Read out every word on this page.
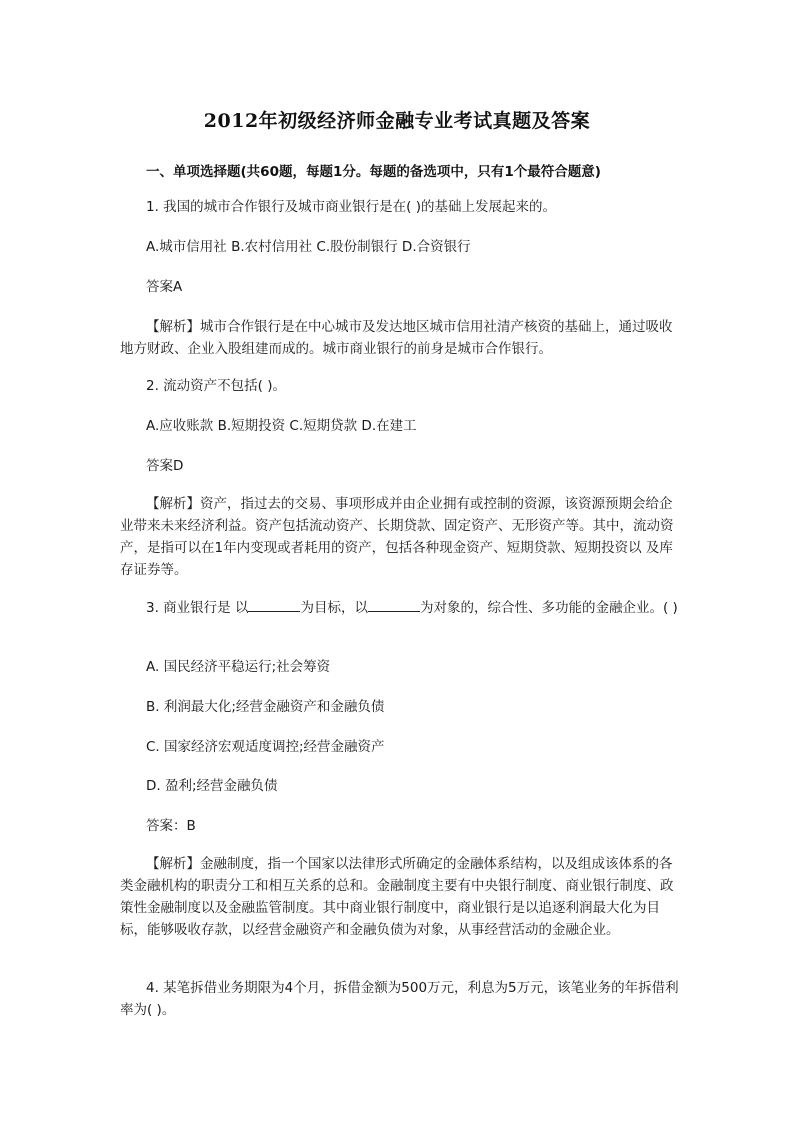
2012年初级经济师金融专业考试真题及答案
一、单项选择题(共60题，每题1分。每题的备选项中，只有1个最符合题意)
1. 我国的城市合作银行及城市商业银行是在( )的基础上发展起来的。
A.城市信用社 B.农村信用社 C.股份制银行 D.合资银行
答案A
【解析】城市合作银行是在中心城市及发达地区城市信用社清产核资的基础上，通过吸收地方财政、企业入股组建而成的。城市商业银行的前身是城市合作银行。
2. 流动资产不包括( )。
A.应收账款 B.短期投资 C.短期贷款 D.在建工
答案D
【解析】资产，指过去的交易、事项形成并由企业拥有或控制的资源，该资源预期会给企业带来未来经济利益。资产包括流动资产、长期贷款、固定资产、无形资产等。其中，流动资产，是指可以在1年内变现或者耗用的资产，包括各种现金资产、短期贷款、短期投资以 及库存证券等。
3. 商业银行是 以	为目标，以	为对象的，综合性、多功能的金融企业。( )
A. 国民经济平稳运行;社会筹资
B. 利润最大化;经营金融资产和金融负债
C. 国家经济宏观适度调控;经营金融资产
D. 盈利;经营金融负债
答案：B
【解析】金融制度，指一个国家以法律形式所确定的金融体系结构，以及组成该体系的各类金融机构的职责分工和相互关系的总和。金融制度主要有中央银行制度、商业银行制度、政策性金融制度以及金融监管制度。其中商业银行制度中，商业银行是以追逐利润最大化为目标，能够吸收存款，以经营金融资产和金融负债为对象，从事经营活动的金融企业。
4. 某笔拆借业务期限为4个月，拆借金额为500万元，利息为5万元，该笔业务的年拆借利率为( )。
